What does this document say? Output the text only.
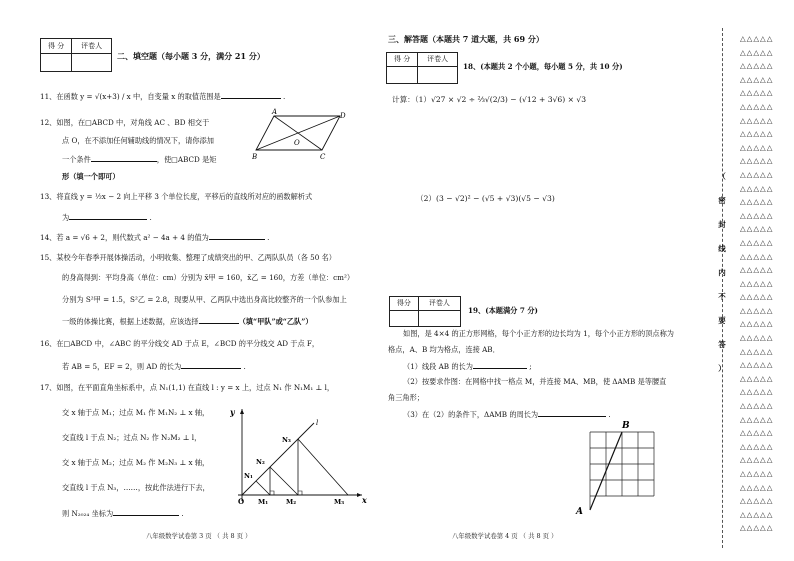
得 分	评卷人

二、填空题（每小题 3 分，满分 21 分）
11、在函数 y = √(x+3) / x 中，自变量 x 的取值范围是	.
12、如图，在□ABCD 中，对角线 AC 、BD 相交于
点 O，在不添加任何辅助线的情况下，请你添加
一个条件	，使□ABCD 是矩
形（填一个即可）
A	D
O
B	C
13、将直线 y = ½x − 2 向上平移 3 个单位长度，平移后的直线所对应的函数解析式
为	.
14、若 a = √6 + 2，则代数式 a² − 4a + 4 的值为	.
15、某校今年春季开展体操活动，小明收集、整理了成绩突出的甲、乙两队队员（各 50 名）
的身高得到：平均身高（单位：cm）分别为 x̄甲 = 160，x̄乙 = 160，方差（单位：cm²）
分别为 S²甲 = 1.5，S²乙 = 2.8，现要从甲、乙两队中选出身高比较整齐的一个队参加上
一级的体操比赛，根据上述数据，应该选择	（填“甲队”或“乙队”）
16、在□ABCD 中，∠ABC 的平分线交 AD 于点 E，∠BCD 的平分线交 AD 于点 F，
若 AB = 5，EF = 2，则 AD 的长为	.
17、如图，在平面直角坐标系中，点 N₁(1,1) 在直线 l : y = x 上，过点 N₁ 作 N₁M₁ ⊥ l，
交 x 轴于点 M₁；过点 M₁ 作 M₁N₂ ⊥ x 轴，
交直线 l 于点 N₂；过点 N₂ 作 N₂M₂ ⊥ l，
交 x 轴于点 M₂；过点 M₂ 作 M₂N₃ ⊥ x 轴，
交直线 l 于点 N₃，……，按此作法进行下去，
则 N₂₀₂₄ 坐标为	.
y
x
l
O
N₁
N₂
N₃
M₁	M₂	M₃
八年级数学试卷第 3 页 （ 共 8 页 ）
三、解答题（本题共 7 道大题，共 69 分）
得 分	评卷人

18、(本题共 2 个小题，每小题 5 分，共 10 分)
计算：（1）√27 × √2 ÷ ²⁄₃√(2/3) − (√12 + 3√6) × √3
（2）(3 − √2)² − (√5 + √3)(√5 − √3)
得分	评卷人

19、(本题满分 7 分)
如图，是 4×4 的正方形网格，每个小正方形的边长均为 1，每个小正方形的顶点称为
格点，A、B 均为格点，连接 AB．
（1）线段 AB 的长为	;
（2）按要求作图：在网格中找一格点 M，并连接 MA、MB，使 ΔAMB 是等腰直
角三角形；
（3）在（2）的条件下，ΔAMB 的周长为	.
B
A
八年级数学试卷第 4 页 （ 共 8 页 ）
（
密
封
线
内
不
要
答
）
△△△△△
△△△△△
△△△△△
△△△△△
△△△△△
△△△△△
△△△△△
△△△△△
△△△△△
△△△△△
△△△△△
△△△△△
△△△△△
△△△△△
△△△△△
△△△△△
△△△△△
△△△△△
△△△△△
△△△△△
△△△△△
△△△△△
△△△△△
△△△△△
△△△△△
△△△△△
△△△△△
△△△△△
△△△△△
△△△△△
△△△△△
△△△△△
△△△△△
△△△△△
△△△△△
△△△△△
△△△△△
